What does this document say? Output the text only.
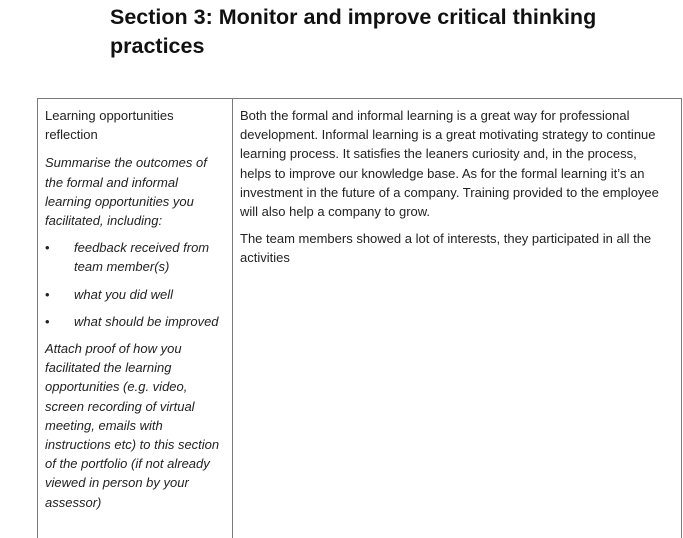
Section 3: Monitor and improve critical thinking practices

Learning opportunities reflection

Summarise the outcomes of the formal and informal learning opportunities you facilitated, including:

• feedback received from team member(s)
• what you did well
• what should be improved

Attach proof of how you facilitated the learning opportunities (e.g. video, screen recording of virtual meeting, emails with instructions etc) to this section of the portfolio (if not already viewed in person by your assessor)

Both the formal and informal learning is a great way for professional development. Informal learning is a great motivating strategy to continue learning process. It satisfies the leaners curiosity and, in the process, helps to improve our knowledge base. As for the formal learning it’s an investment in the future of a company. Training provided to the employee will also help a company to grow.

The team members showed a lot of interests, they participated in all the activities
